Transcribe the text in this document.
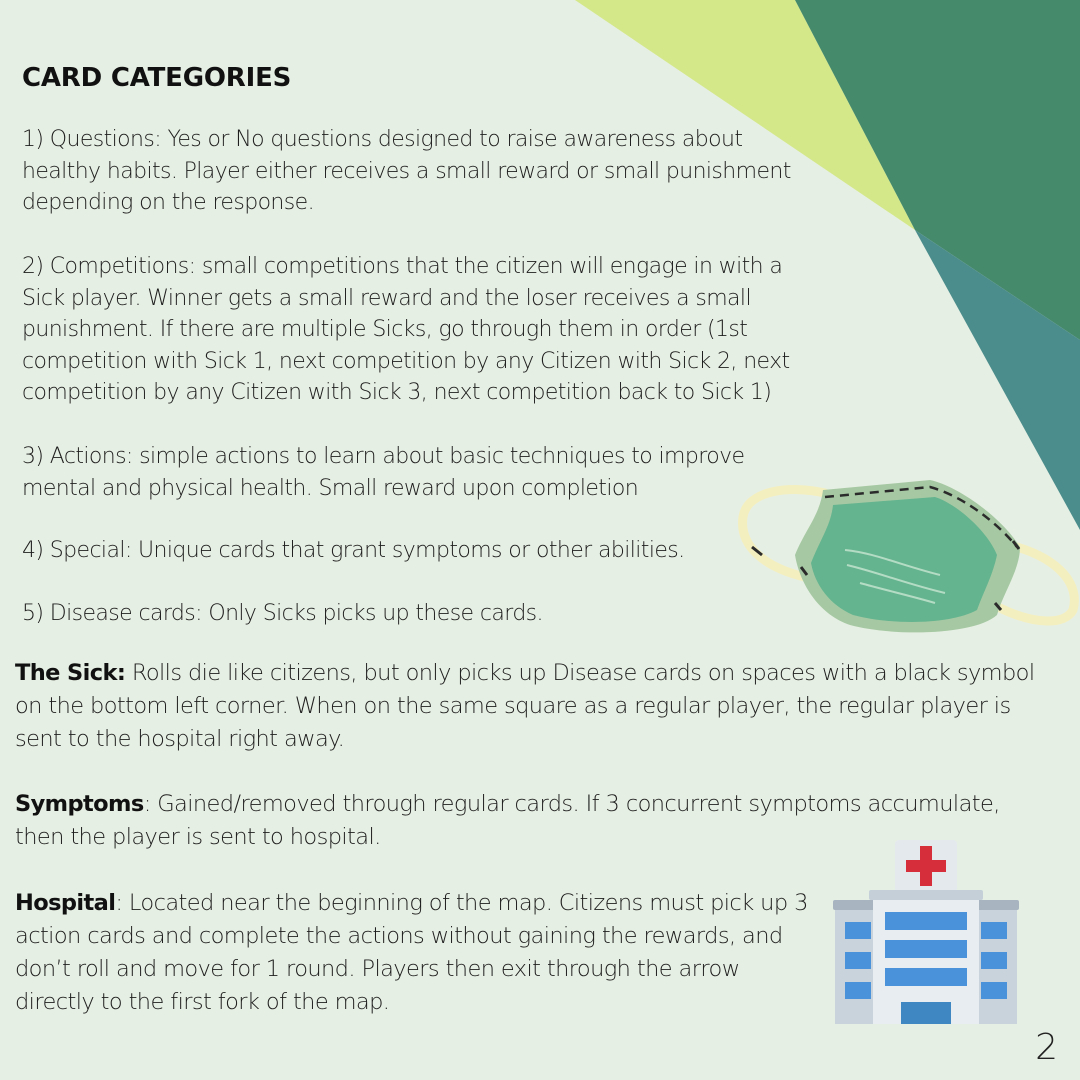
CARD CATEGORIES

1) Questions: Yes or No questions designed to raise awareness about healthy habits. Player either receives a small reward or small punishment depending on the response.

2) Competitions: small competitions that the citizen will engage in with a Sick player. Winner gets a small reward and the loser receives a small punishment. If there are multiple Sicks, go through them in order (1st competition with Sick 1, next competition by any Citizen with Sick 2, next competition by any Citizen with Sick 3, next competition back to Sick 1)

3) Actions: simple actions to learn about basic techniques to improve mental and physical health. Small reward upon completion

4) Special: Unique cards that grant symptoms or other abilities.

5) Disease cards: Only Sicks picks up these cards.

The Sick: Rolls die like citizens, but only picks up Disease cards on spaces with a black symbol on the bottom left corner. When on the same square as a regular player, the regular player is sent to the hospital right away.

Symptoms: Gained/removed through regular cards. If 3 concurrent symptoms accumulate, then the player is sent to hospital.

Hospital: Located near the beginning of the map. Citizens must pick up 3 action cards and complete the actions without gaining the rewards, and don’t roll and move for 1 round. Players then exit through the arrow directly to the first fork of the map.

2
